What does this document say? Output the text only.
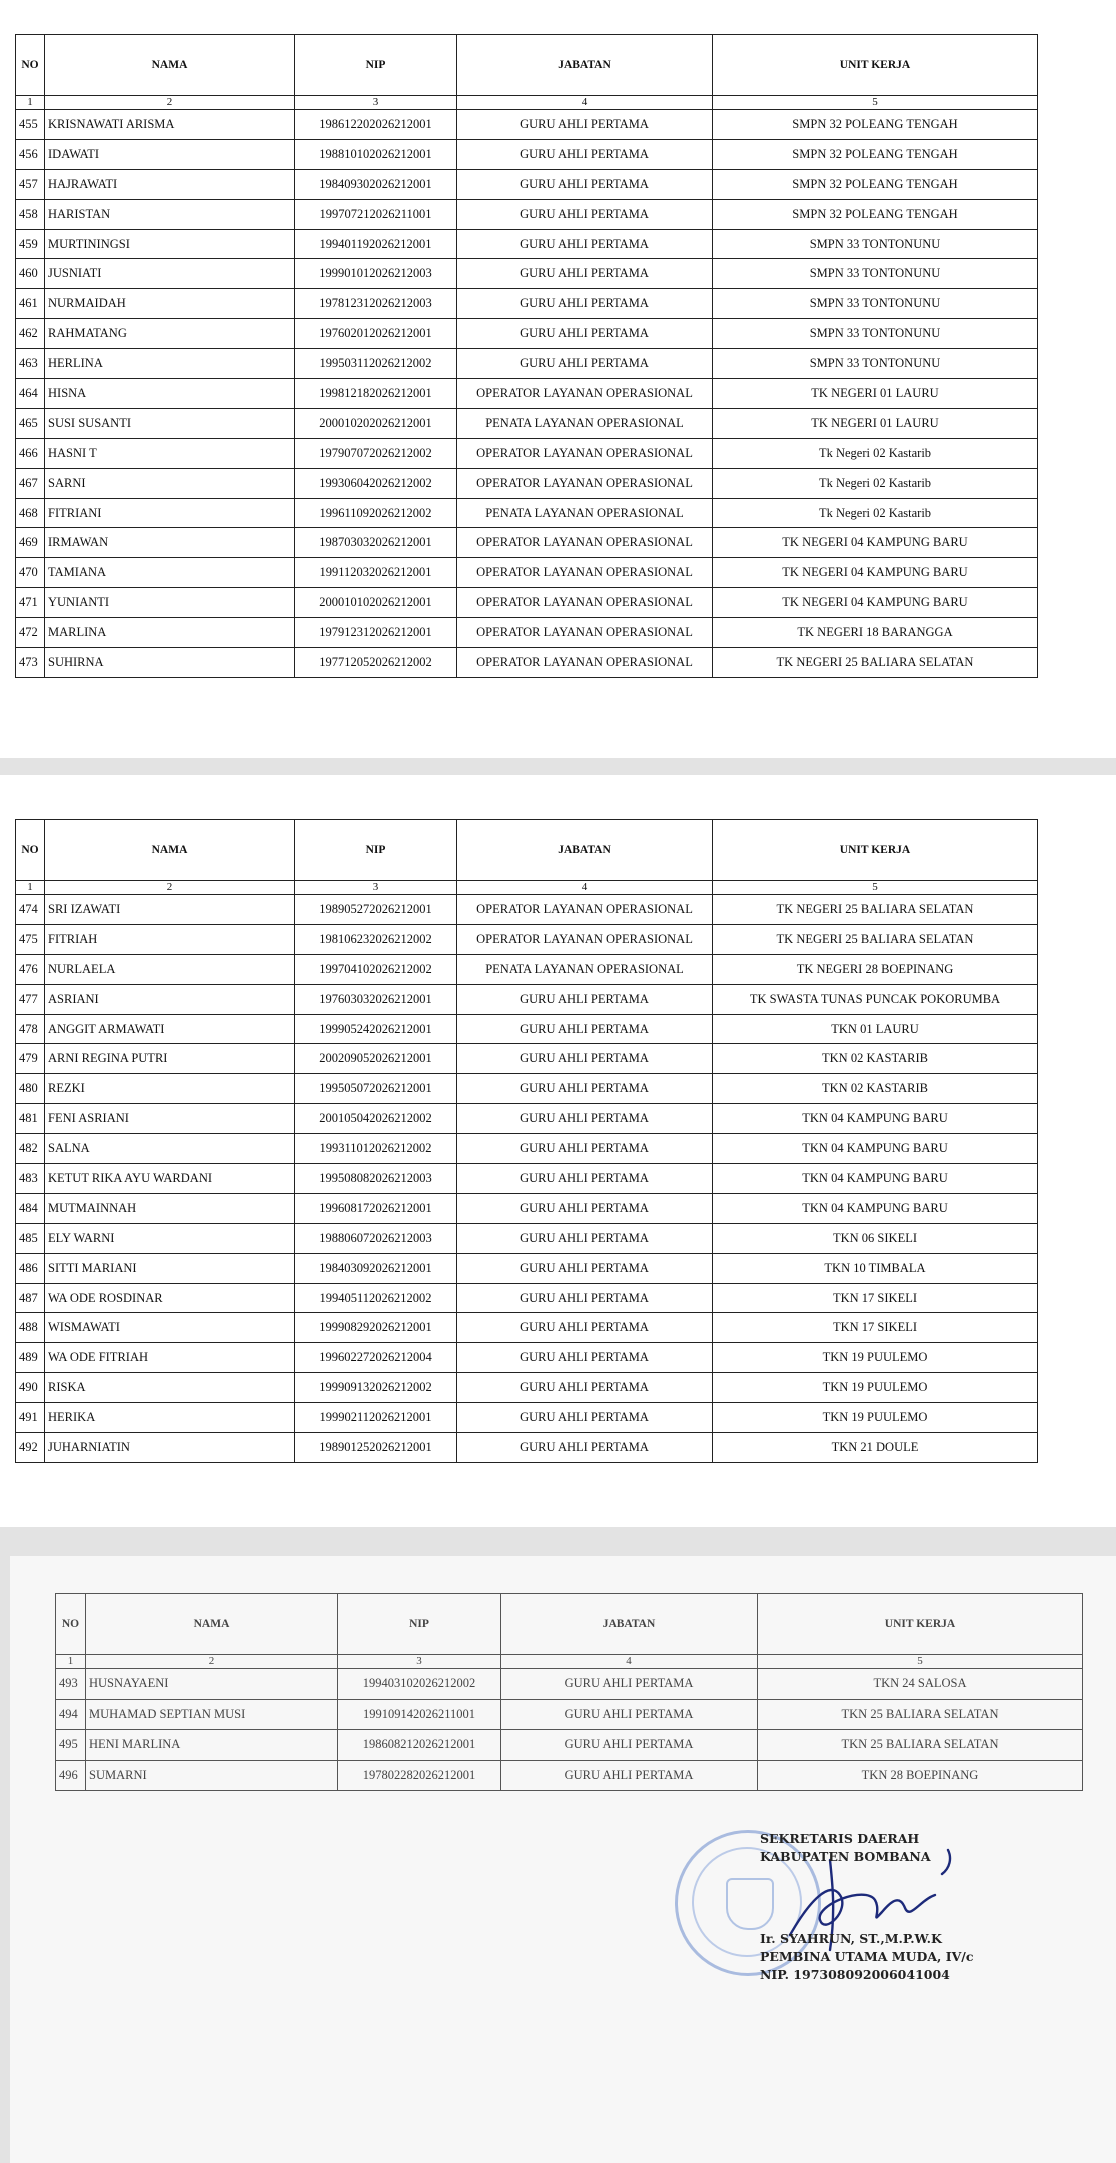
NO	NAMA	NIP	JABATAN	UNIT KERJA
1	2	3	4	5
455	KRISNAWATI ARISMA	198612202026212001	GURU AHLI PERTAMA	SMPN 32 POLEANG TENGAH
456	IDAWATI	198810102026212001	GURU AHLI PERTAMA	SMPN 32 POLEANG TENGAH
457	HAJRAWATI	198409302026212001	GURU AHLI PERTAMA	SMPN 32 POLEANG TENGAH
458	HARISTAN	199707212026211001	GURU AHLI PERTAMA	SMPN 32 POLEANG TENGAH
459	MURTININGSI	199401192026212001	GURU AHLI PERTAMA	SMPN 33 TONTONUNU
460	JUSNIATI	199901012026212003	GURU AHLI PERTAMA	SMPN 33 TONTONUNU
461	NURMAIDAH	197812312026212003	GURU AHLI PERTAMA	SMPN 33 TONTONUNU
462	RAHMATANG	197602012026212001	GURU AHLI PERTAMA	SMPN 33 TONTONUNU
463	HERLINA	199503112026212002	GURU AHLI PERTAMA	SMPN 33 TONTONUNU
464	HISNA	199812182026212001	OPERATOR LAYANAN OPERASIONAL	TK NEGERI 01 LAURU
465	SUSI SUSANTI	200010202026212001	PENATA LAYANAN OPERASIONAL	TK NEGERI 01 LAURU
466	HASNI T	197907072026212002	OPERATOR LAYANAN OPERASIONAL	Tk Negeri 02 Kastarib
467	SARNI	199306042026212002	OPERATOR LAYANAN OPERASIONAL	Tk Negeri 02 Kastarib
468	FITRIANI	199611092026212002	PENATA LAYANAN OPERASIONAL	Tk Negeri 02 Kastarib
469	IRMAWAN	198703032026212001	OPERATOR LAYANAN OPERASIONAL	TK NEGERI 04 KAMPUNG BARU
470	TAMIANA	199112032026212001	OPERATOR LAYANAN OPERASIONAL	TK NEGERI 04 KAMPUNG BARU
471	YUNIANTI	200010102026212001	OPERATOR LAYANAN OPERASIONAL	TK NEGERI 04 KAMPUNG BARU
472	MARLINA	197912312026212001	OPERATOR LAYANAN OPERASIONAL	TK NEGERI 18 BARANGGA
473	SUHIRNA	197712052026212002	OPERATOR LAYANAN OPERASIONAL	TK NEGERI 25 BALIARA SELATAN
NO	NAMA	NIP	JABATAN	UNIT KERJA
1	2	3	4	5
474	SRI IZAWATI	198905272026212001	OPERATOR LAYANAN OPERASIONAL	TK NEGERI 25 BALIARA SELATAN
475	FITRIAH	198106232026212002	OPERATOR LAYANAN OPERASIONAL	TK NEGERI 25 BALIARA SELATAN
476	NURLAELA	199704102026212002	PENATA LAYANAN OPERASIONAL	TK NEGERI 28 BOEPINANG
477	ASRIANI	197603032026212001	GURU AHLI PERTAMA	TK SWASTA TUNAS PUNCAK POKORUMBA
478	ANGGIT ARMAWATI	199905242026212001	GURU AHLI PERTAMA	TKN 01 LAURU
479	ARNI REGINA PUTRI	200209052026212001	GURU AHLI PERTAMA	TKN 02 KASTARIB
480	REZKI	199505072026212001	GURU AHLI PERTAMA	TKN 02 KASTARIB
481	FENI ASRIANI	200105042026212002	GURU AHLI PERTAMA	TKN 04 KAMPUNG BARU
482	SALNA	199311012026212002	GURU AHLI PERTAMA	TKN 04 KAMPUNG BARU
483	KETUT RIKA AYU WARDANI	199508082026212003	GURU AHLI PERTAMA	TKN 04 KAMPUNG BARU
484	MUTMAINNAH	199608172026212001	GURU AHLI PERTAMA	TKN 04 KAMPUNG BARU
485	ELY WARNI	198806072026212003	GURU AHLI PERTAMA	TKN 06 SIKELI
486	SITTI MARIANI	198403092026212001	GURU AHLI PERTAMA	TKN 10 TIMBALA
487	WA ODE ROSDINAR	199405112026212002	GURU AHLI PERTAMA	TKN 17 SIKELI
488	WISMAWATI	199908292026212001	GURU AHLI PERTAMA	TKN 17 SIKELI
489	WA ODE FITRIAH	199602272026212004	GURU AHLI PERTAMA	TKN 19 PUULEMO
490	RISKA	199909132026212002	GURU AHLI PERTAMA	TKN 19 PUULEMO
491	HERIKA	199902112026212001	GURU AHLI PERTAMA	TKN 19 PUULEMO
492	JUHARNIATIN	198901252026212001	GURU AHLI PERTAMA	TKN 21 DOULE
NO	NAMA	NIP	JABATAN	UNIT KERJA
1	2	3	4	5
493	HUSNAYAENI	199403102026212002	GURU AHLI PERTAMA	TKN 24 SALOSA
494	MUHAMAD SEPTIAN MUSI	199109142026211001	GURU AHLI PERTAMA	TKN 25 BALIARA SELATAN
495	HENI MARLINA	198608212026212001	GURU AHLI PERTAMA	TKN 25 BALIARA SELATAN
496	SUMARNI	197802282026212001	GURU AHLI PERTAMA	TKN 28 BOEPINANG
SEKRETARIS DAERAH
KABUPATEN BOMBANA
Ir. SYAHRUN, ST.,M.P.W.K
PEMBINA UTAMA MUDA, IV/c
NIP. 197308092006041004
